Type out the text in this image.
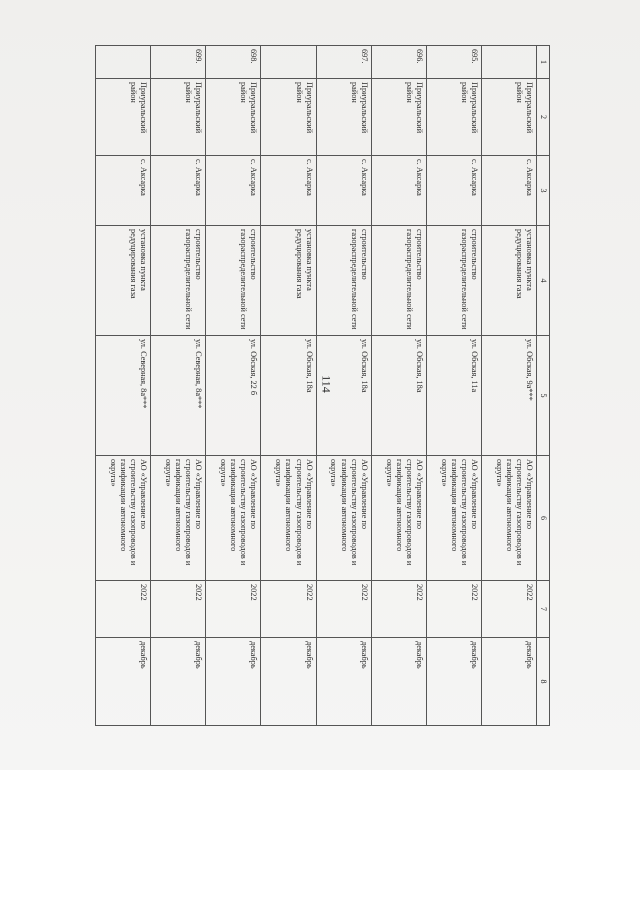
114
1	2	3	4	5	6	7	8
	Приуральский район	с. Аксарка	установка пункта редуцирования газа	ул. Обская, 9а***	АО «Управление по строительству газопроводов и газификации автономного округа»	2022	декабрь
695.	Приуральский район	с. Аксарка	строительство газораспределительной сети	ул. Обская, 11а	АО «Управление по строительству газопроводов и газификации автономного округа»	2022	декабрь
696.	Приуральский район	с. Аксарка	строительство газораспределительной сети	ул. Обская, 18а	АО «Управление по строительству газопроводов и газификации автономного округа»	2022	декабрь
697.	Приуральский район	с. Аксарка	строительство газораспределительной сети	ул. Обская, 18а	АО «Управление по строительству газопроводов и газификации автономного округа»	2022	декабрь
	Приуральский район	с. Аксарка	установка пункта редуцирования газа	ул. Обская, 18а	АО «Управление по строительству газопроводов и газификации автономного округа»	2022	декабрь
698.	Приуральский район	с. Аксарка	строительство газораспределительной сети	ул. Обская, 22 б	АО «Управление по строительству газопроводов и газификации автономного округа»	2022	декабрь
699.	Приуральский район	с. Аксарка	строительство газораспределительной сети	ул. Северная, 8а***	АО «Управление по строительству газопроводов и газификации автономного округа»	2022	декабрь
	Приуральский район	с. Аксарка	установка пункта редуцирования газа	ул. Северная, 8а***	АО «Управление по строительству газопроводов и газификации автономного округа»	2022	декабрь
